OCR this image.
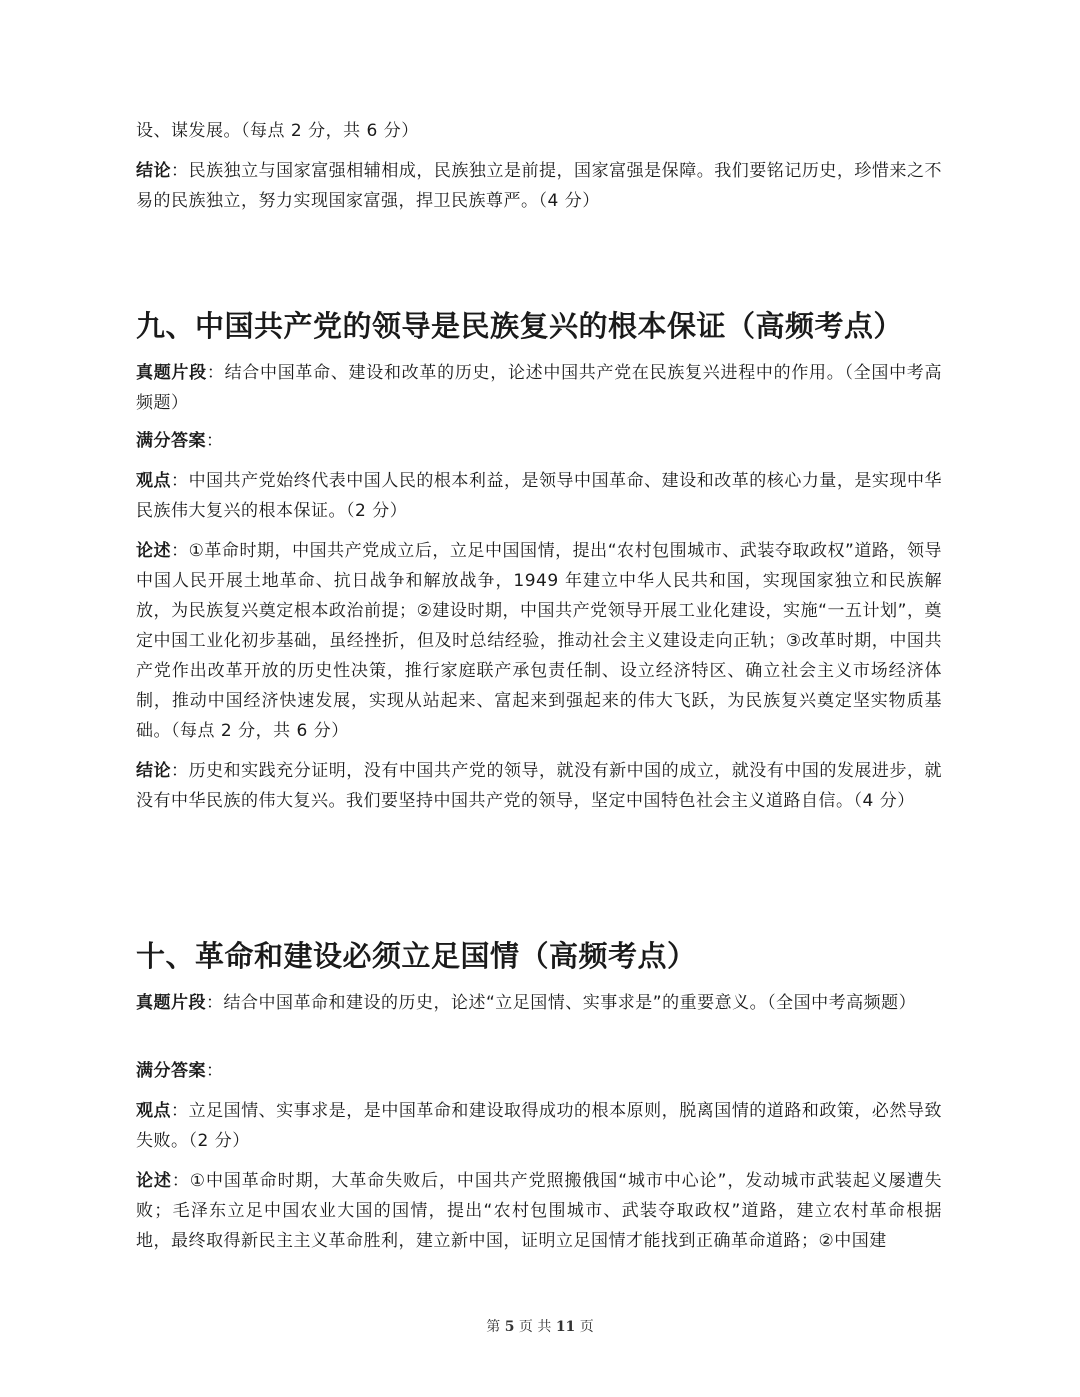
设、谋发展。（每点 2 分，共 6 分）

结论：民族独立与国家富强相辅相成，民族独立是前提，国家富强是保障。我们要铭记历史，珍惜来之不易的民族独立，努力实现国家富强，捍卫民族尊严。（4 分）

九、中国共产党的领导是民族复兴的根本保证（高频考点）

真题片段：结合中国革命、建设和改革的历史，论述中国共产党在民族复兴进程中的作用。（全国中考高频题）

满分答案：

观点：中国共产党始终代表中国人民的根本利益，是领导中国革命、建设和改革的核心力量，是实现中华民族伟大复兴的根本保证。（2 分）

论述：①革命时期，中国共产党成立后，立足中国国情，提出“农村包围城市、武装夺取政权”道路，领导中国人民开展土地革命、抗日战争和解放战争，1949 年建立中华人民共和国，实现国家独立和民族解放，为民族复兴奠定根本政治前提；②建设时期，中国共产党领导开展工业化建设，实施“一五计划”，奠定中国工业化初步基础，虽经挫折，但及时总结经验，推动社会主义建设走向正轨；③改革时期，中国共产党作出改革开放的历史性决策，推行家庭联产承包责任制、设立经济特区、确立社会主义市场经济体制，推动中国经济快速发展，实现从站起来、富起来到强起来的伟大飞跃，为民族复兴奠定坚实物质基础。（每点 2 分，共 6 分）

结论：历史和实践充分证明，没有中国共产党的领导，就没有新中国的成立，就没有中国的发展进步，就没有中华民族的伟大复兴。我们要坚持中国共产党的领导，坚定中国特色社会主义道路自信。（4 分）

十、革命和建设必须立足国情（高频考点）

真题片段：结合中国革命和建设的历史，论述“立足国情、实事求是”的重要意义。（全国中考高频题）

满分答案：

观点：立足国情、实事求是，是中国革命和建设取得成功的根本原则，脱离国情的道路和政策，必然导致失败。（2 分）

论述：①中国革命时期，大革命失败后，中国共产党照搬俄国“城市中心论”，发动城市武装起义屡遭失败；毛泽东立足中国农业大国的国情，提出“农村包围城市、武装夺取政权”道路，建立农村革命根据地，最终取得新民主主义革命胜利，建立新中国，证明立足国情才能找到正确革命道路；②中国建

第 5 页 共 11 页
